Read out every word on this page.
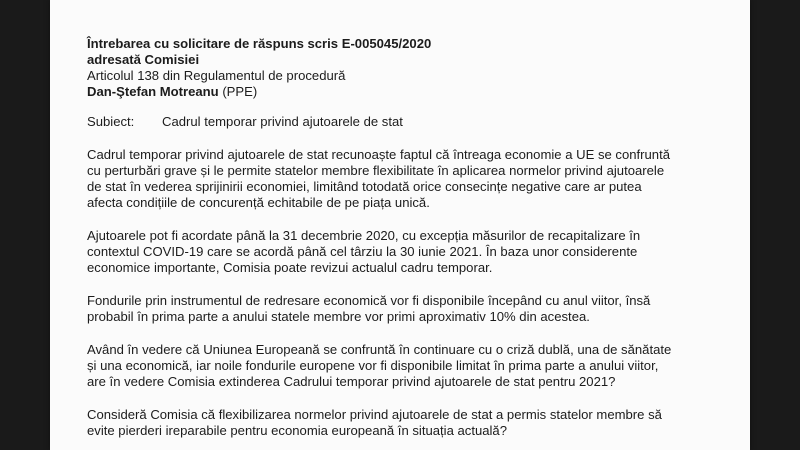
Întrebarea cu solicitare de răspuns scris E-005045/2020
adresată Comisiei
Articolul 138 din Regulamentul de procedură
Dan-Ştefan Motreanu (PPE)
Subiect: Cadrul temporar privind ajutoarele de stat
Cadrul temporar privind ajutoarele de stat recunoaște faptul că întreaga economie a UE se confruntă
cu perturbări grave și le permite statelor membre flexibilitate în aplicarea normelor privind ajutoarele
de stat în vederea sprijinirii economiei, limitând totodată orice consecințe negative care ar putea
afecta condițiile de concurență echitabile de pe piața unică.
Ajutoarele pot fi acordate până la 31 decembrie 2020, cu excepția măsurilor de recapitalizare în
contextul COVID-19 care se acordă până cel târziu la 30 iunie 2021. În baza unor considerente
economice importante, Comisia poate revizui actualul cadru temporar.
Fondurile prin instrumentul de redresare economică vor fi disponibile începând cu anul viitor, însă
probabil în prima parte a anului statele membre vor primi aproximativ 10% din acestea.
Având în vedere că Uniunea Europeană se confruntă în continuare cu o criză dublă, una de sănătate
și una economică, iar noile fondurile europene vor fi disponibile limitat în prima parte a anului viitor,
are în vedere Comisia extinderea Cadrului temporar privind ajutoarele de stat pentru 2021?
Consideră Comisia că flexibilizarea normelor privind ajutoarele de stat a permis statelor membre să
evite pierderi ireparabile pentru economia europeană în situația actuală?
